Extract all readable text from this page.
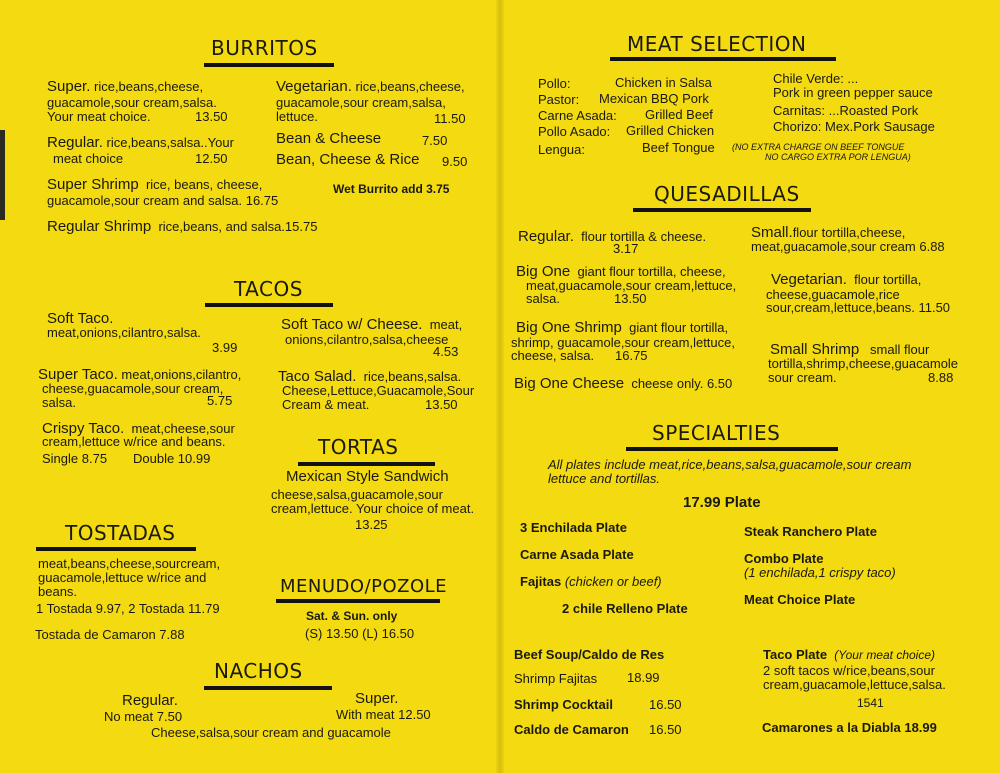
BURRITOS
Super. rice,beans,cheese,
guacamole,sour cream,salsa.
Your meat choice.	13.50
Regular. rice,beans,salsa..Your
meat choice	12.50
Super Shrimp rice, beans, cheese,
guacamole,sour cream and salsa. 16.75
Regular Shrimp rice,beans, and salsa.15.75
Vegetarian. rice,beans,cheese,
guacamole,sour cream,salsa,
lettuce.	11.50
Bean & Cheese	7.50
Bean, Cheese & Rice 9.50
Wet Burrito add 3.75
TACOS
Soft Taco.
meat,onions,cilantro,salsa.
3.99
Super Taco. meat,onions,cilantro,
cheese,guacamole,sour cream,
salsa.	5.75
Crispy Taco. meat,cheese,sour
cream,lettuce w/rice and beans.
Single 8.75 Double 10.99
Soft Taco w/ Cheese. meat,
onions,cilantro,salsa,cheese
4.53
Taco Salad. rice,beans,salsa.
Cheese,Lettuce,Guacamole,Sour
Cream & meat.	13.50
TORTAS
Mexican Style Sandwich
cheese,salsa,guacamole,sour
cream,lettuce. Your choice of meat.
13.25
TOSTADAS
meat,beans,cheese,sourcream,
guacamole,lettuce w/rice and
beans.
1 Tostada 9.97, 2 Tostada 11.79
Tostada de Camaron 7.88
MENUDO/POZOLE
Sat. & Sun. only
(S) 13.50 (L) 16.50
NACHOS
Regular.
No meat 7.50
Super.
With meat 12.50
Cheese,salsa,sour cream and guacamole
MEAT SELECTION
Pollo:	Chicken in Salsa
Pastor: Mexican BBQ Pork
Carne Asada: Grilled Beef
Pollo Asado: Grilled Chicken
Lengua:	Beef Tongue (NO EXTRA CHARGE ON BEEF TONGUE
NO CARGO EXTRA POR LENGUA)
Chile Verde: ...
Pork in green pepper sauce
Carnitas: ...Roasted Pork
Chorizo: Mex.Pork Sausage
QUESADILLAS
Regular. flour tortilla & cheese.
3.17
Big One giant flour tortilla, cheese,
meat,guacamole,sour cream,lettuce,
salsa.	13.50
Big One Shrimp giant flour tortilla,
shrimp, guacamole,sour cream,lettuce,
cheese, salsa. 16.75
Big One Cheese cheese only. 6.50
Small.flour tortilla,cheese,
meat,guacamole,sour cream 6.88
Vegetarian. flour tortilla,
cheese,guacamole,rice
sour,cream,lettuce,beans. 11.50
Small Shrimp small flour
tortilla,shrimp,cheese,guacamole
sour cream.	8.88
SPECIALTIES
All plates include meat,rice,beans,salsa,guacamole,sour cream
lettuce and tortillas.
17.99 Plate
3 Enchilada Plate
Carne Asada Plate
Fajitas (chicken or beef)
2 chile Relleno Plate
Steak Ranchero Plate
Combo Plate
(1 enchilada,1 crispy taco)
Meat Choice Plate
Beef Soup/Caldo de Res
Shrimp Fajitas 18.99
Shrimp Cocktail	16.50
Caldo de Camaron 16.50
Taco Plate (Your meat choice)
2 soft tacos w/rice,beans,sour
cream,guacamole,lettuce,salsa.
1541
Camarones a la Diabla 18.99
